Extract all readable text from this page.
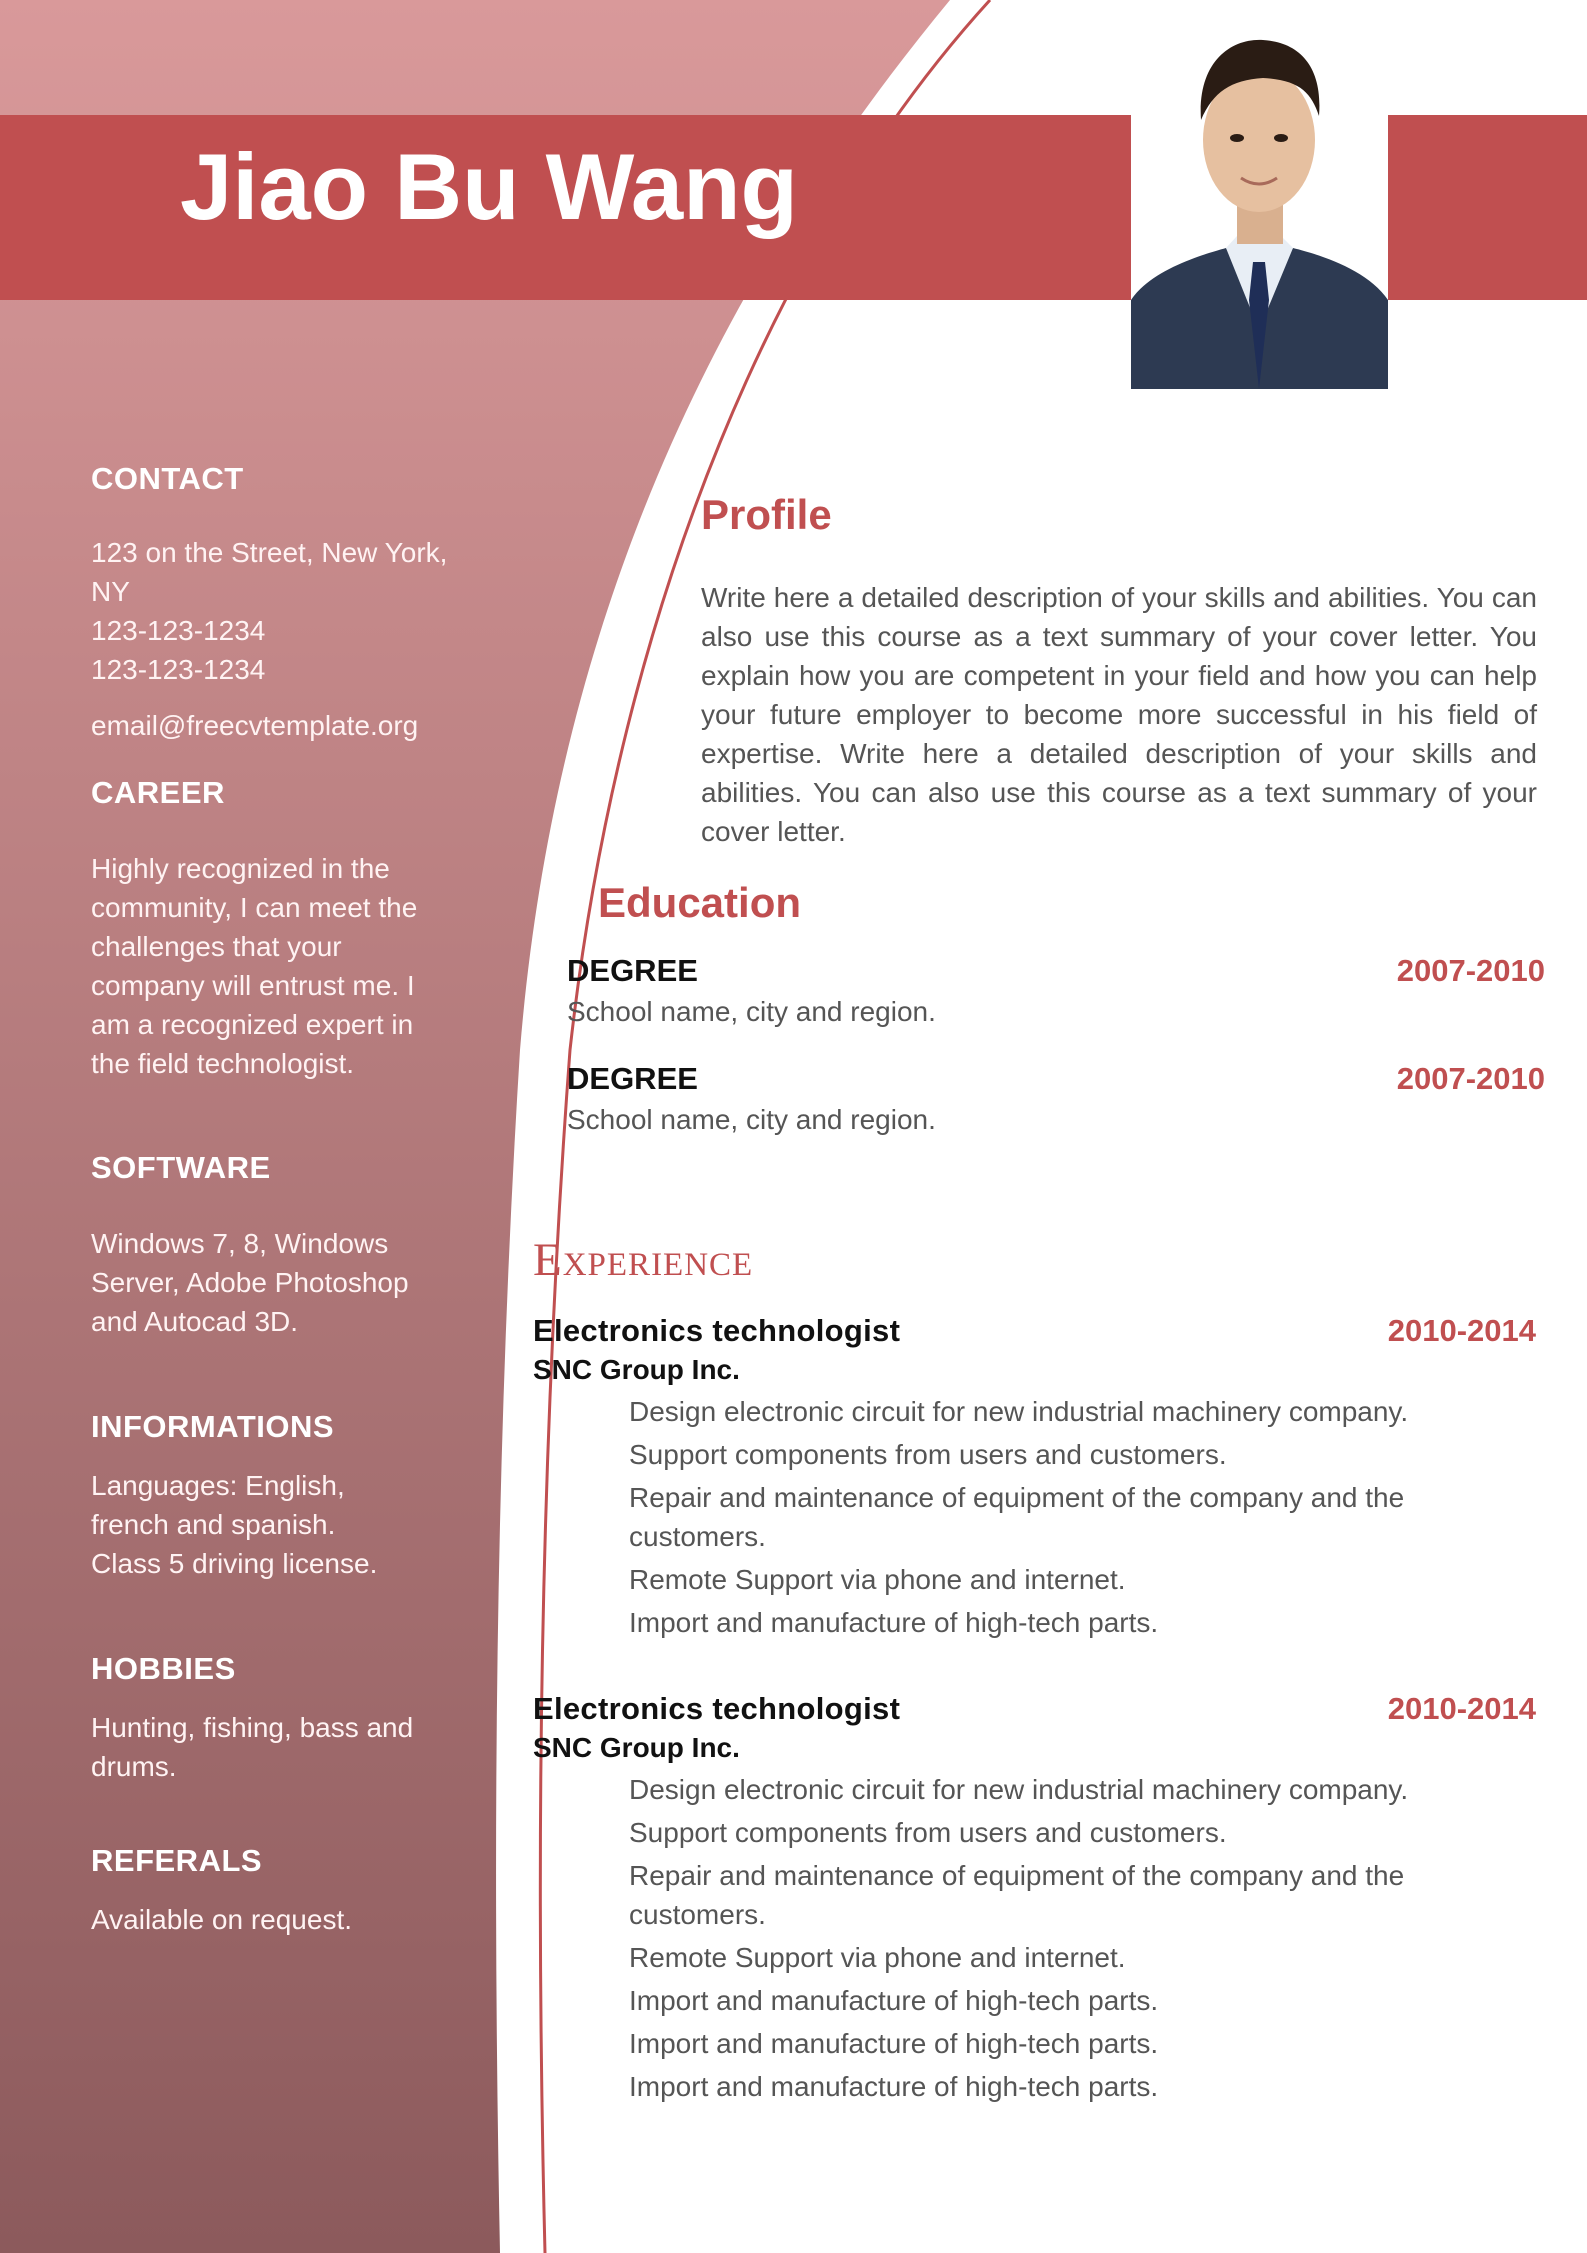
Jiao Bu Wang
CONTACT
123 on the Street, New York, NY
123-123-1234
123-123-1234
email@freecvtemplate.org
CAREER
Highly recognized in the community, I can meet the challenges that your company will entrust me. I am a recognized expert in the field technologist.
SOFTWARE
Windows 7, 8, Windows Server, Adobe Photoshop and Autocad 3D.
INFORMATIONS
Languages: English, french and spanish.
Class 5 driving license.
HOBBIES
Hunting, fishing, bass and drums.
REFERALS
Available on request.
Profile
Write here a detailed description of your skills and abilities. You can also use this course as a text summary of your cover letter. You explain how you are competent in your field and how you can help your future employer to become more successful in his field of expertise. Write here a detailed description of your skills and abilities. You can also use this course as a text summary of your cover letter.
Education
DEGREE	2007-2010
School name, city and region.
DEGREE	2007-2010
School name, city and region.
Experience
Electronics technologist	2010-2014
SNC Group Inc.
Design electronic circuit for new industrial machinery company.
Support components from users and customers.
Repair and maintenance of equipment of the company and the customers.
Remote Support via phone and internet.
Import and manufacture of high-tech parts.
Electronics technologist	2010-2014
SNC Group Inc.
Design electronic circuit for new industrial machinery company.
Support components from users and customers.
Repair and maintenance of equipment of the company and the customers.
Remote Support via phone and internet.
Import and manufacture of high-tech parts.
Import and manufacture of high-tech parts.
Import and manufacture of high-tech parts.
